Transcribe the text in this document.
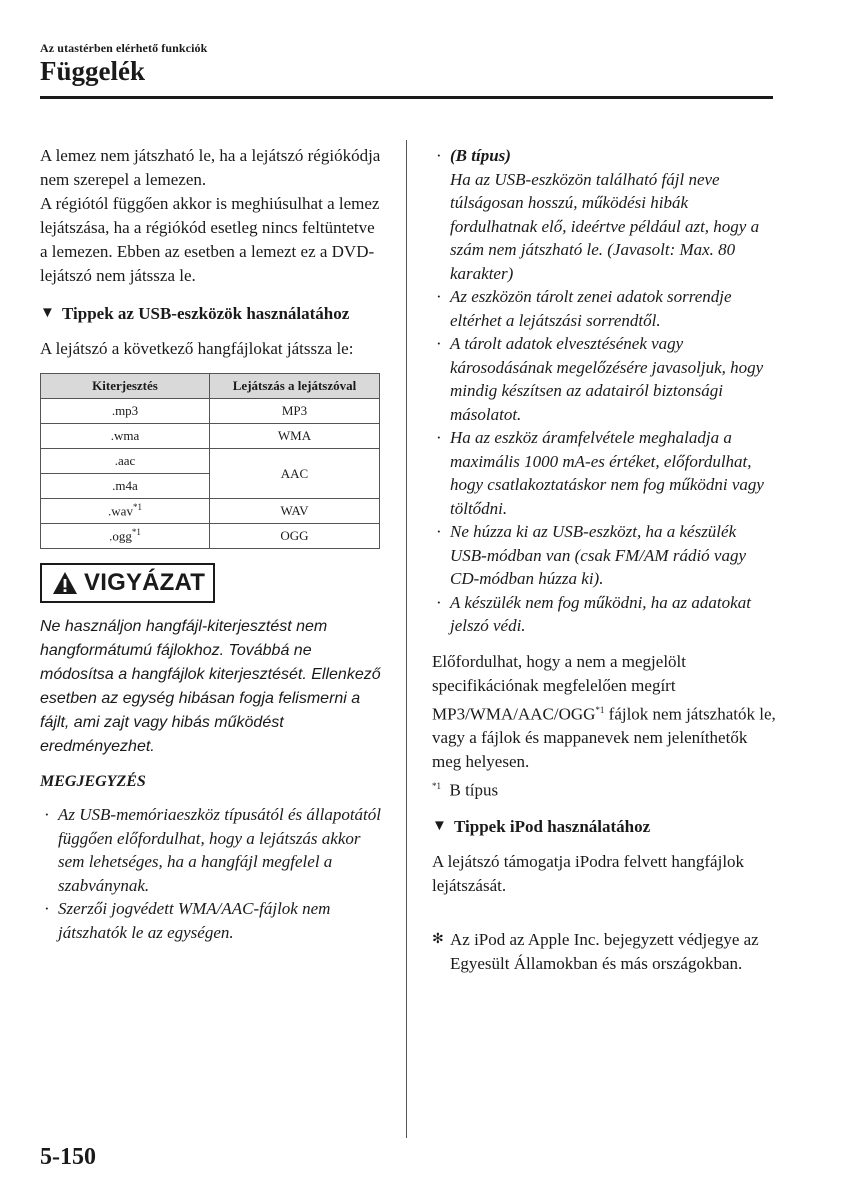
Az utastérben elérhető funkciók
Függelék

A lemez nem játszható le, ha a lejátszó régiókódja nem szerepel a lemezen.

A régiótól függően akkor is meghiúsulhat a lemez lejátszása, ha a régiókód esetleg nincs feltüntetve a lemezen. Ebben az esetben a lemezt ez a DVD-lejátszó nem játssza le.

▼ Tippek az USB-eszközök használatához

A lejátszó a következő hangfájlokat játssza le:

Kiterjesztés	Lejátszás a lejátszóval
.mp3	MP3
.wma	WMA
.aac	AAC
.m4a	
.wav$^{*1}$	WAV
.ogg$^{*1}$	OGG
VIGYÁZAT
Ne használjon hangfájl-kiterjesztést nem hangformátumú fájlokhoz. Továbbá ne módosítsa a hangfájlok kiterjesztését. Ellenkező esetben az egység hibásan fogja felismerni a fájlt, ami zajt vagy hibás működést eredményezhet.
MEGJEGYZÉS
· Az USB-memóriaeszköz típusától és állapotától függően előfordulhat, hogy a lejátszás akkor sem lehetséges, ha a hangfájl megfelel a szabványnak.
· Szerzői jogvédett WMA/AAC-fájlok nem játszhatók le az egységen.
· (B típus)
Ha az USB-eszközön található fájl neve túlságosan hosszú, működési hibák fordulhatnak elő, ideértve például azt, hogy a szám nem játszható le. (Javasolt: Max. 80 karakter)
· Az eszközön tárolt zenei adatok sorrendje eltérhet a lejátszási sorrendtől.
· A tárolt adatok elvesztésének vagy károsodásának megelőzésére javasoljuk, hogy mindig készítsen az adatairól biztonsági másolatot.
· Ha az eszköz áramfelvétele meghaladja a maximális 1000 mA-es értéket, előfordulhat, hogy csatlakoztatáskor nem fog működni vagy töltődni.
· Ne húzza ki az USB-eszközt, ha a készülék USB-módban van (csak FM/AM rádió vagy CD-módban húzza ki).
· A készülék nem fog működni, ha az adatokat jelszó védi.

Előfordulhat, hogy a nem a megjelölt specifikációnak megfelelően megírt MP3/WMA/AAC/OGG$^{*1}$ fájlok nem játszhatók le, vagy a fájlok és mappanevek nem jeleníthetők meg helyesen.

$^{*1}$ B típus
▼ Tippek iPod használatához

A lejátszó támogatja iPodra felvett hangfájlok lejátszását.

✻ Az iPod az Apple Inc. bejegyzett védjegye az Egyesült Államokban és más országokban.
5-150
